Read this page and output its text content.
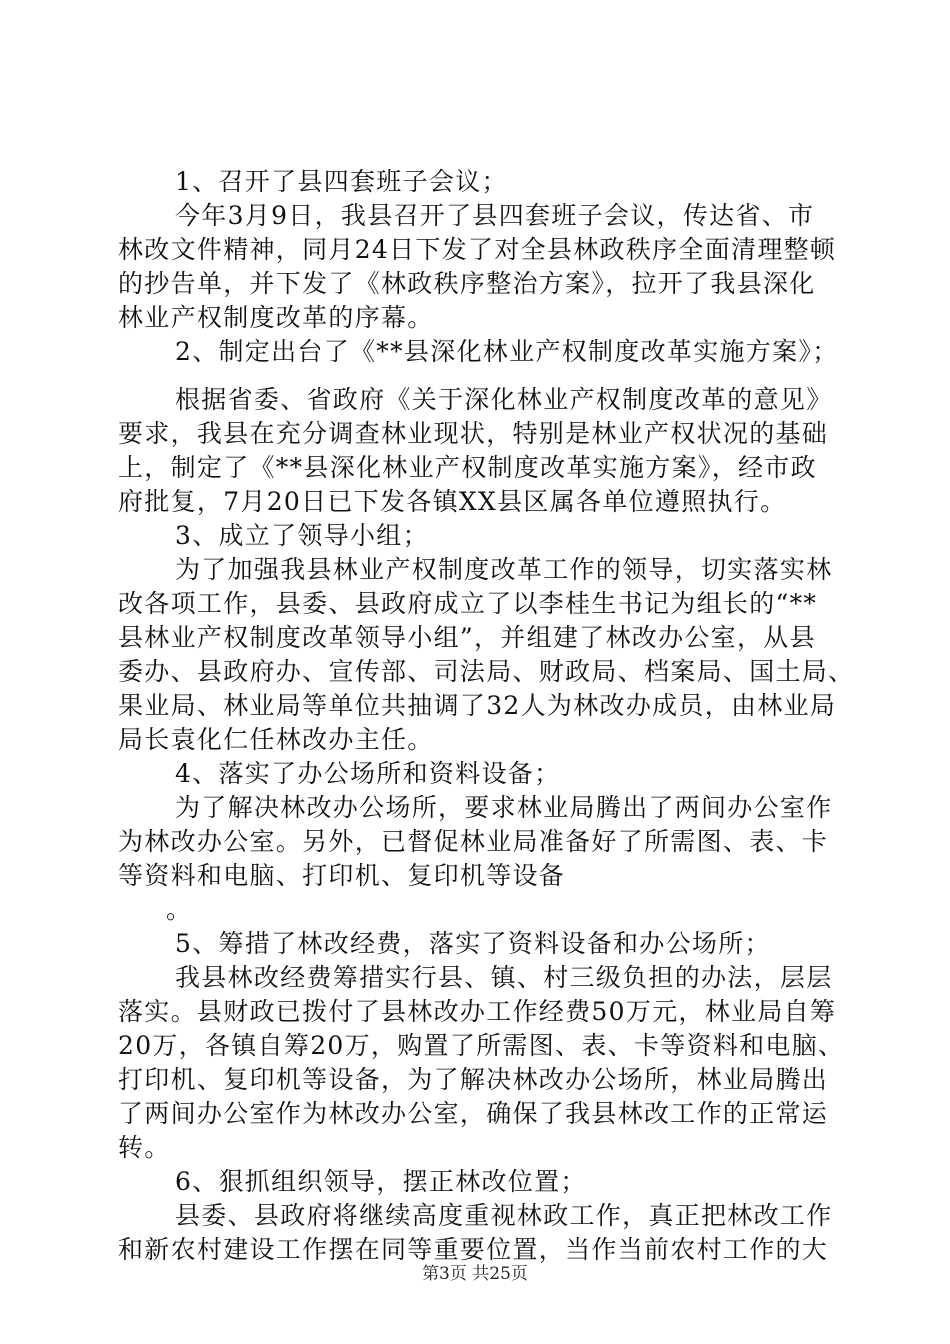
1、召开了县四套班子会议；
今年3月9日，我县召开了县四套班子会议，传达省、市
林改文件精神，同月24日下发了对全县林政秩序全面清理整顿
的抄告单，并下发了《林政秩序整治方案》，拉开了我县深化
林业产权制度改革的序幕。
2、制定出台了《**县深化林业产权制度改革实施方案》；
根据省委、省政府《关于深化林业产权制度改革的意见》
要求，我县在充分调查林业现状，特别是林业产权状况的基础
上，制定了《**县深化林业产权制度改革实施方案》，经市政
府批复，7月20日已下发各镇XX县区属各单位遵照执行。
3、成立了领导小组；
为了加强我县林业产权制度改革工作的领导，切实落实林
改各项工作，县委、县政府成立了以李桂生书记为组长的“**
县林业产权制度改革领导小组”，并组建了林改办公室，从县
委办、县政府办、宣传部、司法局、财政局、档案局、国土局、
果业局、林业局等单位共抽调了32人为林改办成员，由林业局
局长袁化仁任林改办主任。
4、落实了办公场所和资料设备；
为了解决林改办公场所，要求林业局腾出了两间办公室作
为林改办公室。另外，已督促林业局准备好了所需图、表、卡
等资料和电脑、打印机、复印机等设备
。
5、筹措了林改经费，落实了资料设备和办公场所；
我县林改经费筹措实行县、镇、村三级负担的办法，层层
落实。县财政已拨付了县林改办工作经费50万元，林业局自筹
20万，各镇自筹20万，购置了所需图、表、卡等资料和电脑、
打印机、复印机等设备，为了解决林改办公场所，林业局腾出
了两间办公室作为林改办公室，确保了我县林改工作的正常运
转。
6、狠抓组织领导，摆正林改位置；
县委、县政府将继续高度重视林政工作，真正把林改工作
和新农村建设工作摆在同等重要位置，当作当前农村工作的大
第3页 共25页
